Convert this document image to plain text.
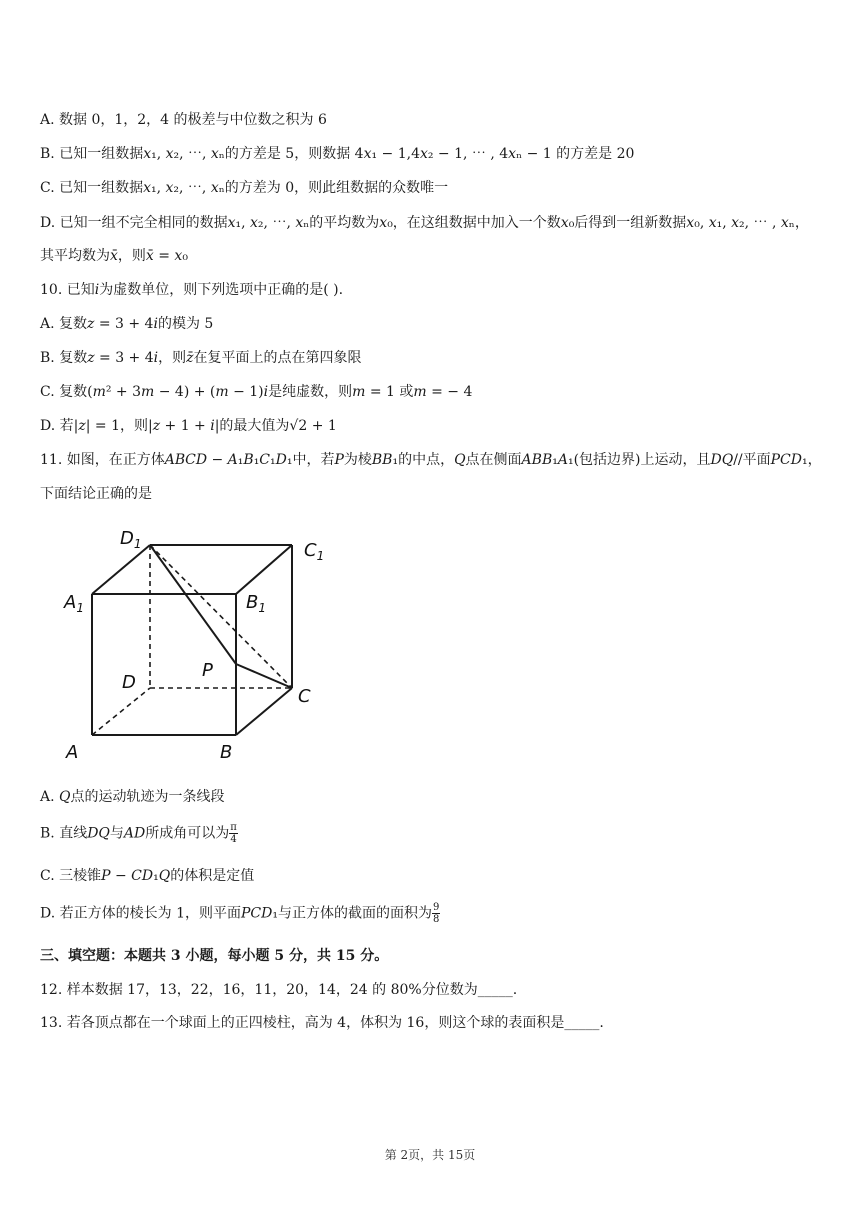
A. 数据 0，1，2，4 的极差与中位数之积为 6
B. 已知一组数据𝑥₁, 𝑥₂, ⋯, 𝑥ₙ的方差是 5，则数据 4𝑥₁ − 1,4𝑥₂ − 1, ⋯ , 4𝑥ₙ − 1 的方差是 20
C. 已知一组数据𝑥₁, 𝑥₂, ⋯, 𝑥ₙ的方差为 0，则此组数据的众数唯一
D. 已知一组不完全相同的数据𝑥₁, 𝑥₂, ⋯, 𝑥ₙ的平均数为𝑥₀，在这组数据中加入一个数𝑥₀后得到一组新数据𝑥₀, 𝑥₁, 𝑥₂, ⋯ , 𝑥ₙ，
其平均数为𝑥̄，则𝑥̄ = 𝑥₀
10. 已知𝑖为虚数单位，则下列选项中正确的是( ).
A. 复数𝑧 = 3 + 4𝑖的模为 5
B. 复数𝑧 = 3 + 4𝑖，则𝑧̄在复平面上的点在第四象限
C. 复数(𝑚² + 3𝑚 − 4) + (𝑚 − 1)𝑖是纯虚数，则𝑚 = 1 或𝑚 = − 4
D. 若|𝑧| = 1，则|𝑧 + 1 + 𝑖|的最大值为√2 + 1
11. 如图，在正方体𝐴𝐵𝐶𝐷 − 𝐴₁𝐵₁𝐶₁𝐷₁中，若𝑃为棱𝐵𝐵₁的中点，𝑄点在侧面𝐴𝐵𝐵₁𝐴₁(包括边界)上运动，且𝐷𝑄//平面𝑃𝐶𝐷₁，
下面结论正确的是
$D_1$	$C_1$
$A_1$	$B_1$
D
P
C
A	B
A. 𝑄点的运动轨迹为一条线段
B. 直线𝐷𝑄与𝐴𝐷所成角可以为 $\frac{\pi}{4}$
C. 三棱锥𝑃 − 𝐶𝐷₁𝑄的体积是定值
D. 若正方体的棱长为 1，则平面𝑃𝐶𝐷₁与正方体的截面的面积为 $\frac{9}{8}$
三、填空题：本题共 3 小题，每小题 5 分，共 15 分。
12. 样本数据 17，13，22，16，11，20，14，24 的 80%分位数为_____.
13. 若各顶点都在一个球面上的正四棱柱，高为 4，体积为 16，则这个球的表面积是_____.
第 2页，共 15页
